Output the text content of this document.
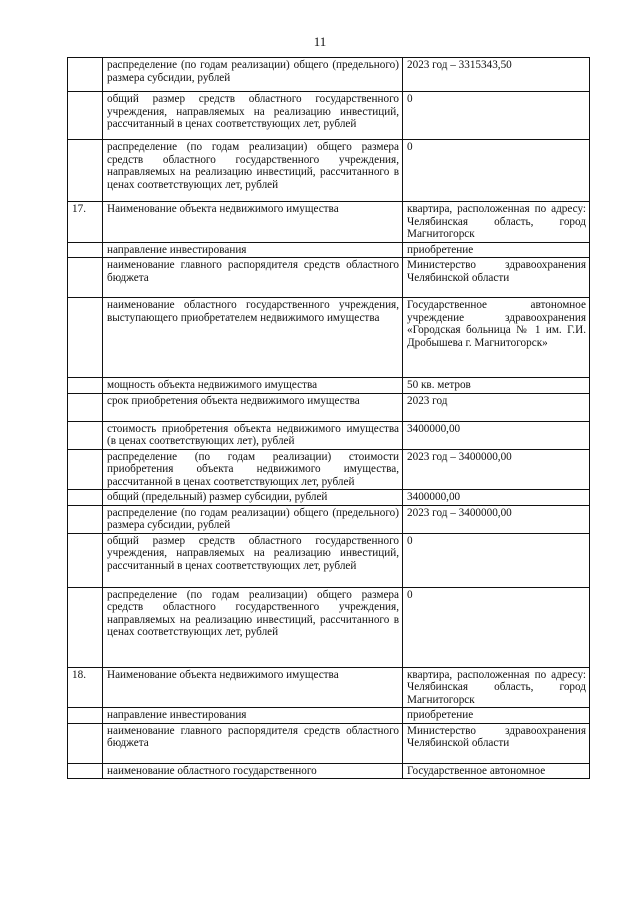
11
	распределение (по годам реализации) общего (предельного) размера субсидии, рублей	2023 год – 3315343,50
	общий размер средств областного государственного учреждения, направляемых на реализацию инвестиций, рассчитанный в ценах соответствующих лет, рублей	0
	распределение (по годам реализации) общего размера средств областного государственного учреждения, направляемых на реализацию инвестиций, рассчитанного в ценах соответствующих лет, рублей	0
17.	Наименование объекта недвижимого имущества	квартира, расположенная по адресу: Челябинская область, город Магнитогорск
	направление инвестирования	приобретение
	наименование главного распорядителя средств областного бюджета	Министерство здравоохранения Челябинской области
	наименование областного государственного учреждения, выступающего приобретателем недвижимого имущества	Государственное автономное учреждение здравоохранения «Городская больница № 1 им. Г.И. Дробышева г. Магнитогорск»
	мощность объекта недвижимого имущества	50 кв. метров
	срок приобретения объекта недвижимого имущества	2023 год
	стоимость приобретения объекта недвижимого имущества (в ценах соответствующих лет), рублей	3400000,00
	распределение (по годам реализации) стоимости приобретения объекта недвижимого имущества, рассчитанной в ценах соответствующих лет, рублей	2023 год – 3400000,00
	общий (предельный) размер субсидии, рублей	3400000,00
	распределение (по годам реализации) общего (предельного) размера субсидии, рублей	2023 год – 3400000,00
	общий размер средств областного государственного учреждения, направляемых на реализацию инвестиций, рассчитанный в ценах соответствующих лет, рублей	0
	распределение (по годам реализации) общего размера средств областного государственного учреждения, направляемых на реализацию инвестиций, рассчитанного в ценах соответствующих лет, рублей	0
18.	Наименование объекта недвижимого имущества	квартира, расположенная по адресу: Челябинская область, город Магнитогорск
	направление инвестирования	приобретение
	наименование главного распорядителя средств областного бюджета	Министерство здравоохранения Челябинской области
	наименование областного государственного	Государственное автономное
